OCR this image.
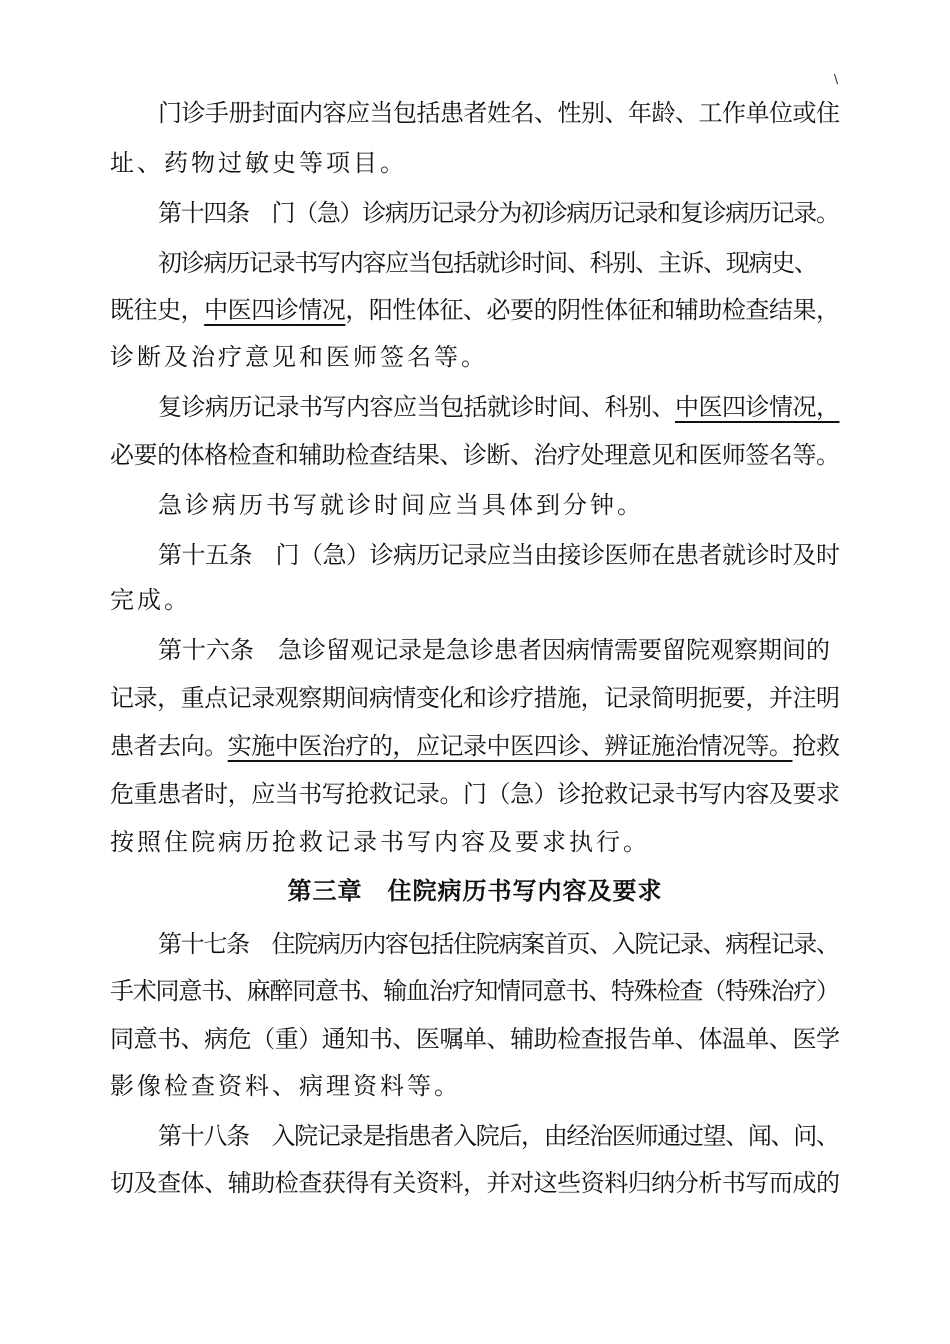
\
门诊手册封面内容应当包括患者姓名、性别、年龄、工作单位或住
址、药物过敏史等项目。
第十四条　门（急）诊病历记录分为初诊病历记录和复诊病历记录。
初诊病历记录书写内容应当包括就诊时间、科别、主诉、现病史、
既往史，中医四诊情况，阳性体征、必要的阴性体征和辅助检查结果，
诊断及治疗意见和医师签名等。
复诊病历记录书写内容应当包括就诊时间、科别、中医四诊情况，
必要的体格检查和辅助检查结果、诊断、治疗处理意见和医师签名等。
急诊病历书写就诊时间应当具体到分钟。
第十五条　门（急）诊病历记录应当由接诊医师在患者就诊时及时
完成。
第十六条　急诊留观记录是急诊患者因病情需要留院观察期间的
记录，重点记录观察期间病情变化和诊疗措施，记录简明扼要，并注明
患者去向。实施中医治疗的，应记录中医四诊、辨证施治情况等。抢救
危重患者时，应当书写抢救记录。门（急）诊抢救记录书写内容及要求
按照住院病历抢救记录书写内容及要求执行。
第三章　住院病历书写内容及要求
第十七条　住院病历内容包括住院病案首页、入院记录、病程记录、
手术同意书、麻醉同意书、输血治疗知情同意书、特殊检查（特殊治疗）
同意书、病危（重）通知书、医嘱单、辅助检查报告单、体温单、医学
影像检查资料、病理资料等。
第十八条　入院记录是指患者入院后，由经治医师通过望、闻、问、
切及查体、辅助检查获得有关资料，并对这些资料归纳分析书写而成的
